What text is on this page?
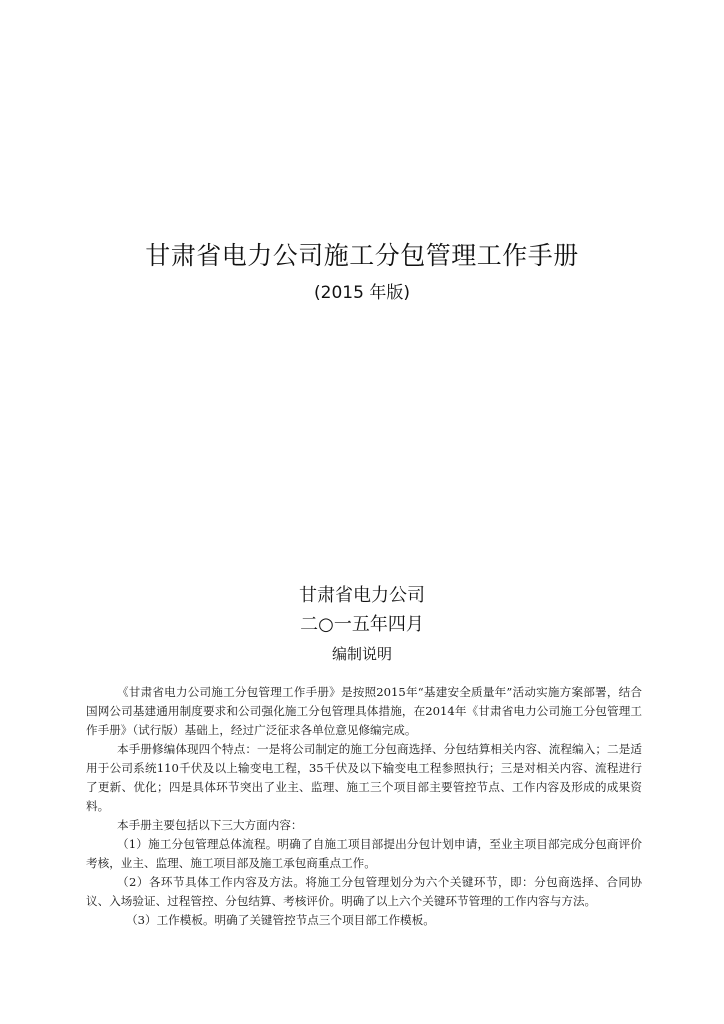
甘肃省电力公司施工分包管理工作手册
(2015 年版)
甘肃省电力公司
二○一五年四月
编制说明

《甘肃省电力公司施工分包管理工作手册》是按照2015年“基建安全质量年”活动实施方案部署，结合国网公司基建通用制度要求和公司强化施工分包管理具体措施，在2014年《甘肃省电力公司施工分包管理工作手册》（试行版）基础上，经过广泛征求各单位意见修编完成。

本手册修编体现四个特点：一是将公司制定的施工分包商选择、分包结算相关内容、流程编入；二是适用于公司系统110千伏及以上输变电工程，35千伏及以下输变电工程参照执行；三是对相关内容、流程进行了更新、优化；四是具体环节突出了业主、监理、施工三个项目部主要管控节点、工作内容及形成的成果资料。

本手册主要包括以下三大方面内容：

（1）施工分包管理总体流程。明确了自施工项目部提出分包计划申请，至业主项目部完成分包商评价考核，业主、监理、施工项目部及施工承包商重点工作。

（2）各环节具体工作内容及方法。将施工分包管理划分为六个关键环节，即：分包商选择、合同协议、入场验证、过程管控、分包结算、考核评价。明确了以上六个关键环节管理的工作内容与方法。

（3）工作模板。明确了关键管控节点三个项目部工作模板。
